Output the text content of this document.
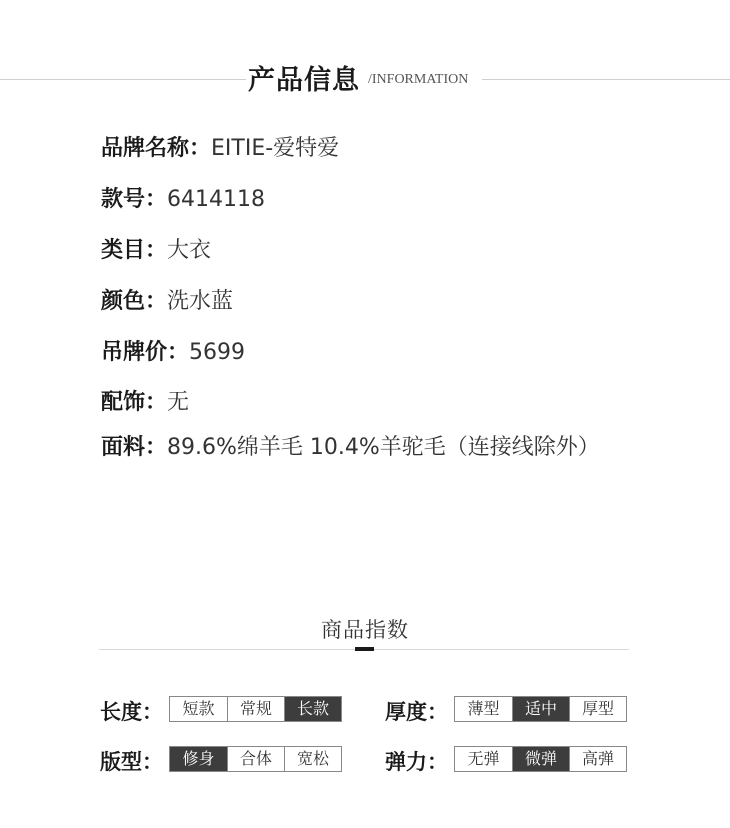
产品信息 /INFORMATION
品牌名称：EITIE-爱特爱
款号：6414118
类目：大衣
颜色：洗水蓝
吊牌价：5699
配饰：无
面料：89.6%绵羊毛 10.4%羊驼毛（连接线除外）
商品指数
长度：	短款	常规	长款	厚度：	薄型	适中	厚型
版型：	修身	合体	宽松	弹力：	无弹	微弹	高弹
